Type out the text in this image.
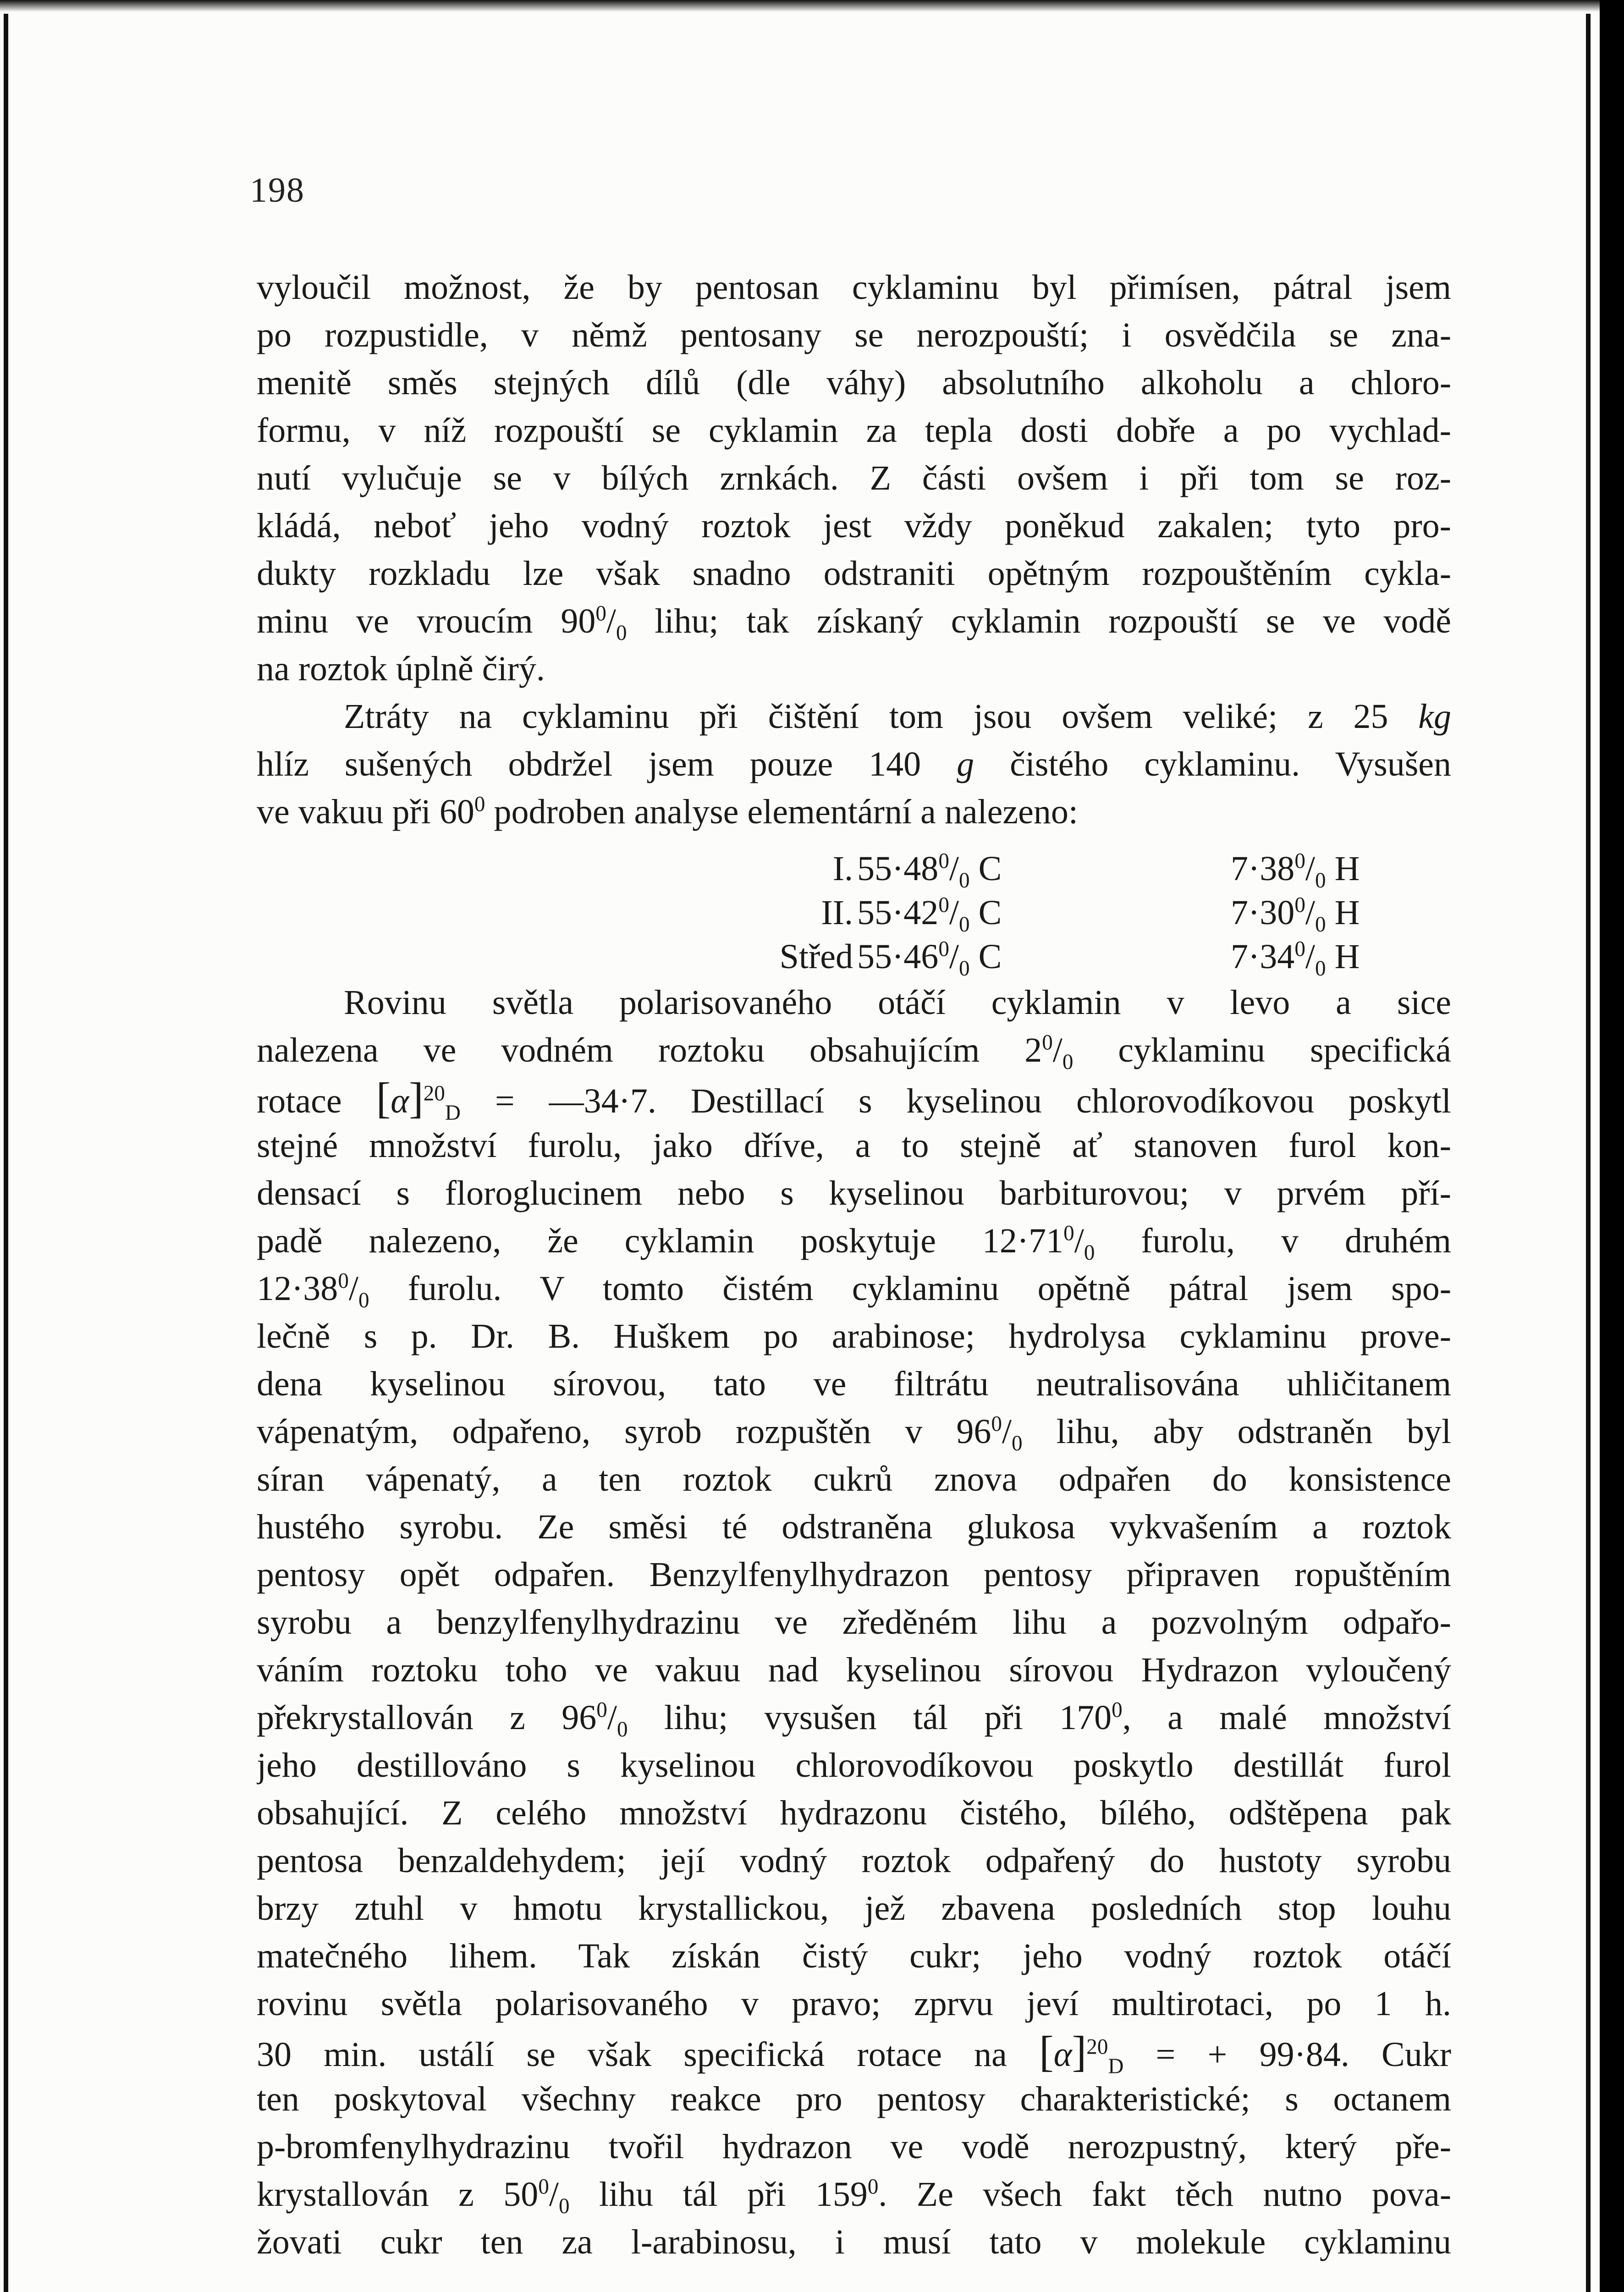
198
vyloučil možnost, že by pentosan cyklaminu byl přimísen, pátral jsem
po rozpustidle, v němž pentosany se nerozpouští; i osvědčila se zna-
menitě směs stejných dílů (dle váhy) absolutního alkoholu a chloro-
formu, v níž rozpouští se cyklamin za tepla dosti dobře a po vychlad-
nutí vylučuje se v bílých zrnkách. Z části ovšem i při tom se roz-
kládá, neboť jeho vodný roztok jest vždy poněkud zakalen; tyto pro-
dukty rozkladu lze však snadno odstraniti opětným rozpouštěním cykla-
minu ve vroucím $90^0/_0$ lihu; tak získaný cyklamin rozpouští se ve vodě
na roztok úplně čirý.
Ztráty na cyklaminu při čištění tom jsou ovšem veliké; z 25 kg
hlíz sušených obdržel jsem pouze 140 g čistého cyklaminu. Vysušen
ve vakuu při $60^0$ podroben analyse elementární a nalezeno:
I. $55\cdot 48^0/_0$ C	$7\cdot 38^0/_0$ H
II. $55\cdot 42^0/_0$ C	$7\cdot 30^0/_0$ H
Střed $55\cdot 46^0/_0$ C	$7\cdot 34^0/_0$ H
Rovinu světla polarisovaného otáčí cyklamin v levo a sice
nalezena ve vodném roztoku obsahujícím $2^0/_0$ cyklaminu specifická
rotace $[\alpha]^{20}_D$ = —34·7. Destillací s kyselinou chlorovodíkovou poskytl
stejné množství furolu, jako dříve, a to stejně ať stanoven furol kon-
densací s floroglucinem nebo s kyselinou barbiturovou; v prvém pří-
padě nalezeno, že cyklamin poskytuje $12\cdot 71^0/_0$ furolu, v druhém
$12\cdot 38^0/_0$ furolu. V tomto čistém cyklaminu opětně pátral jsem spo-
lečně s p. Dr. B. Huškem po arabinose; hydrolysa cyklaminu prove-
dena kyselinou sírovou, tato ve filtrátu neutralisována uhličitanem
vápenatým, odpařeno, syrob rozpuštěn v $96^0/_0$ lihu, aby odstraněn byl
síran vápenatý, a ten roztok cukrů znova odpařen do konsistence
hustého syrobu. Ze směsi té odstraněna glukosa vykvašením a roztok
pentosy opět odpařen. Benzylfenylhydrazon pentosy připraven ropuštěním
syrobu a benzylfenylhydrazinu ve zředěném lihu a pozvolným odpařo-
váním roztoku toho ve vakuu nad kyselinou sírovou Hydrazon vyloučený
překrystallován z $96^0/_0$ lihu; vysušen tál při $170^0$, a malé množství
jeho destillováno s kyselinou chlorovodíkovou poskytlo destillát furol
obsahující. Z celého množství hydrazonu čistého, bílého, odštěpena pak
pentosa benzaldehydem; její vodný roztok odpařený do hustoty syrobu
brzy ztuhl v hmotu krystallickou, jež zbavena posledních stop louhu
matečného lihem. Tak získán čistý cukr; jeho vodný roztok otáčí
rovinu světla polarisovaného v pravo; zprvu jeví multirotaci, po 1 h.
30 min. ustálí se však specifická rotace na $[\alpha]^{20}_D$ = + 99·84. Cukr
ten poskytoval všechny reakce pro pentosy charakteristické; s octanem
p-bromfenylhydrazinu tvořil hydrazon ve vodě nerozpustný, který pře-
krystallován z $50^0/_0$ lihu tál při $159^0$. Ze všech fakt těch nutno pova-
žovati cukr ten za l-arabinosu, i musí tato v molekule cyklaminu
